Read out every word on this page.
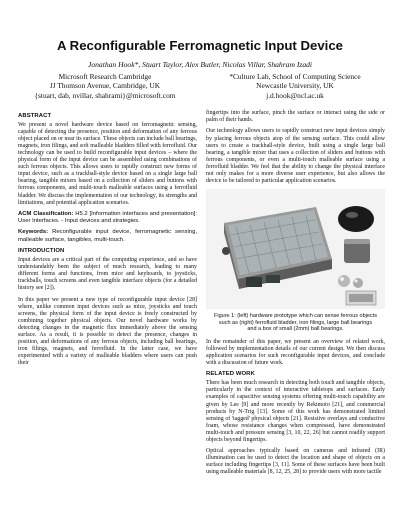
A Reconfigurable Ferromagnetic Input Device
Jonathan Hook*, Stuart Taylor, Alex Butler, Nicolas Villar, Shahram Izadi
Microsoft Research Cambridge
JJ Thomson Avenue, Cambridge, UK
{stuart, dab, nvillar, shahrami}@microsoft.com
*Culture Lab, School of Computing Science
Newcastle University, UK
j.d.hook@ncl.ac.uk
ABSTRACT

We present a novel hardware device based on ferromagnetic sensing, capable of detecting the presence, position and deformation of any ferrous object placed on or near its surface. These objects can include ball bearings, magnets, iron filings, and soft malleable bladders filled with ferrofluid. Our technology can be used to build reconfigurable input devices – where the physical form of the input device can be assembled using combinations of such ferrous objects. This allows users to rapidly construct new forms of input device, such as a trackball-style device based on a single large ball bearing, tangible mixers based on a collection of sliders and buttons with ferrous components, and multi-touch malleable surfaces using a ferrofluid bladder. We discuss the implementation of our technology, its strengths and limitations, and potential application scenarios.

ACM Classification: H5.2 [Information interfaces and presentation]: User Interfaces. - Input devices and strategies.

Keywords: Reconfigurable input device, ferromagnetic sensing, malleable surface, tangibles, multi-touch.

INTRODUCTION

Input devices are a critical part of the computing experience, and so have understandably been the subject of much research, leading to many different forms and functions, from mice and keyboards, to joysticks, trackballs, touch screens and even tangible interface objects (for a detailed history see [2]).

In this paper we present a new type of reconfigurable input device [28] where, unlike common input devices such as mice, joysticks and touch screens, the physical form of the input device is freely constructed by combining together physical objects. Our novel hardware works by detecting changes in the magnetic flux immediately above the sensing surface. As a result, it is possible to detect the presence, changes in position, and deformations of any ferrous objects, including ball bearings, iron filings, magnets, and ferrofluid. In the latter case, we have experimented with a variety of malleable bladders where users can push their

fingertips into the surface, pinch the surface or interact using the side or palm of their hands.

Our technology allows users to rapidly construct new input devices simply by placing ferrous objects atop of the sensing surface. This could allow users to create a trackball-style device, built using a single large ball bearing, a tangible mixer that uses a collection of sliders and buttons with ferrous components, or even a multi-touch malleable surface using a ferrofluid bladder. We feel that the ability to change the physical interface not only makes for a more diverse user experience, but also allows the device to be tailored to particular application scenarios.

Figure 1: (left) hardware prototype which can sense ferrous objects such as (right) ferrofluid bladder, iron filings, large ball bearings and a box of small (2mm) ball bearings.

In the remainder of this paper, we present an overview of related work, followed by implementation details of our current design. We then discuss application scenarios for such reconfigurable input devices, and conclude with a discussion of future work.

RELATED WORK

There has been much research in detecting both touch and tangible objects, particularly in the context of interactive tabletops and surfaces. Early examples of capacitive sensing systems offering multi-touch capability are given by Lee [9] and more recently by Rekimoto [21], and commercial products by N-Trig [13]. Some of this work has demonstrated limited sensing of 'tagged' physical objects [21]. Resistive overlays and conductive foam, whose resistance changes when compressed, have demonstrated multi-touch and pressure sensing [3, 10, 22, 26] but cannot readily support objects beyond fingertips.

Optical approaches typically based on cameras and infrared (IR) illumination can be used to detect the location and shape of objects on a surface including fingertips [3, 11]. Some of these surfaces have been built using malleable materials [8, 12, 25, 28] to provide users with more tactile
